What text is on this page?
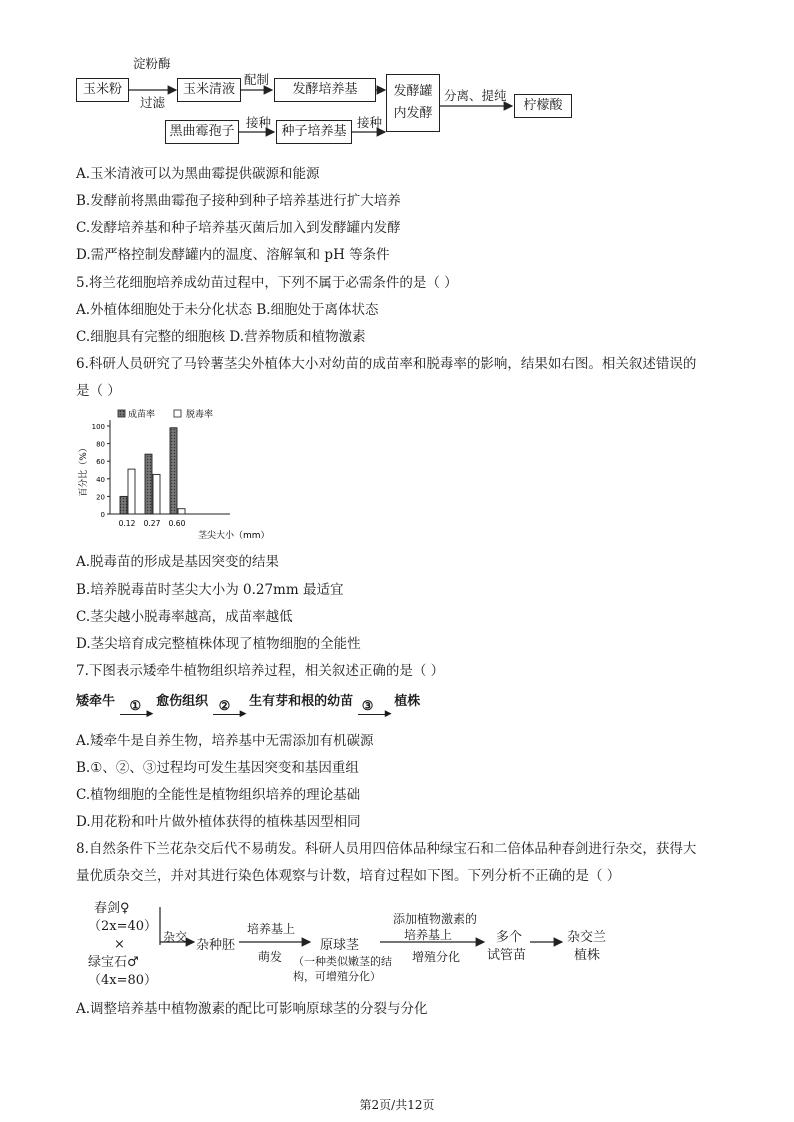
玉米粉
淀粉酶
过滤
玉米清液
配制
发酵培养基
黑曲霉孢子
接种
种子培养基
接种
发酵罐内发酵
分离、提纯
柠檬酸
A.玉米清液可以为黑曲霉提供碳源和能源
B.发酵前将黑曲霉孢子接种到种子培养基进行扩大培养
C.发酵培养基和种子培养基灭菌后加入到发酵罐内发酵
D.需严格控制发酵罐内的温度、溶解氧和 pH 等条件
5.将兰花细胞培养成幼苗过程中，下列不属于必需条件的是（ ）
A.外植体细胞处于未分化状态 B.细胞处于离体状态
C.细胞具有完整的细胞核 D.营养物质和植物激素
6.科研人员研究了马铃薯茎尖外植体大小对幼苗的成苗率和脱毒率的影响，结果如右图。相关叙述错误的
是（ ）
0
20
40
60
80
100
百分比（%）
0.12 0.27 0.60
茎尖大小（mm）
成苗率	脱毒率
A.脱毒苗的形成是基因突变的结果
B.培养脱毒苗时茎尖大小为 0.27mm 最适宜
C.茎尖越小脱毒率越高，成苗率越低
D.茎尖培育成完整植株体现了植物细胞的全能性
7.下图表示矮牵牛植物组织培养过程，相关叙述正确的是（ ）
矮牵牛 ① ▶
愈伤组织 ② ▶
生有芽和根的幼苗 ③ ▶
植株
A.矮牵牛是自养生物，培养基中无需添加有机碳源
B.①、②、③过程均可发生基因突变和基因重组
C.植物细胞的全能性是植物组织培养的理论基础
D.用花粉和叶片做外植体获得的植株基因型相同
8.自然条件下兰花杂交后代不易萌发。科研人员用四倍体品种绿宝石和二倍体品种春剑进行杂交，获得大
量优质杂交兰，并对其进行染色体观察与计数，培育过程如下图。下列分析不正确的是（ ）
春剑♀
（2x=40）
×
绿宝石♂
（4x=80）
杂交
杂种胚
培养基上
萌发
原球茎
（一种类似嫩茎的结构，可增殖分化）
添加植物激素的
培养基上
增殖分化
多个
试管苗
杂交兰
植株
A.调整培养基中植物激素的配比可影响原球茎的分裂与分化
第2页/共12页
